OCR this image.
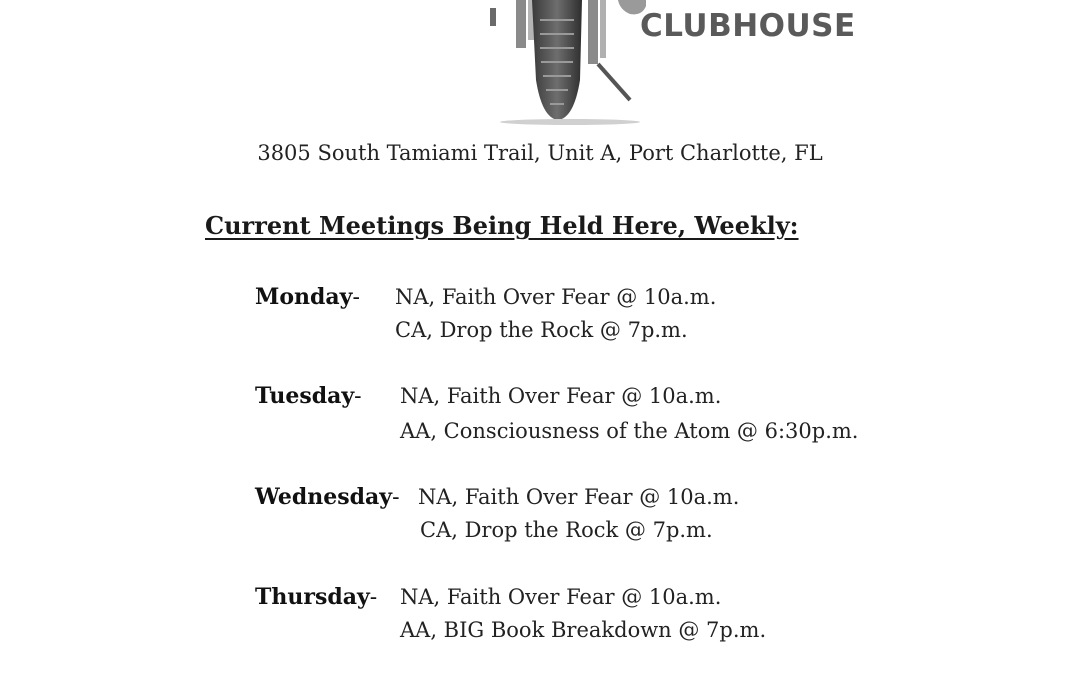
CLUBHOUSE
3805 South Tamiami Trail, Unit A, Port Charlotte, FL
Current Meetings Being Held Here, Weekly:
Monday- NA, Faith Over Fear @ 10a.m.
CA, Drop the Rock @ 7p.m.
Tuesday- NA, Faith Over Fear @ 10a.m.
AA, Consciousness of the Atom @ 6:30p.m.
Wednesday- NA, Faith Over Fear @ 10a.m.
CA, Drop the Rock @ 7p.m.
Thursday- NA, Faith Over Fear @ 10a.m.
AA, BIG Book Breakdown @ 7p.m.
